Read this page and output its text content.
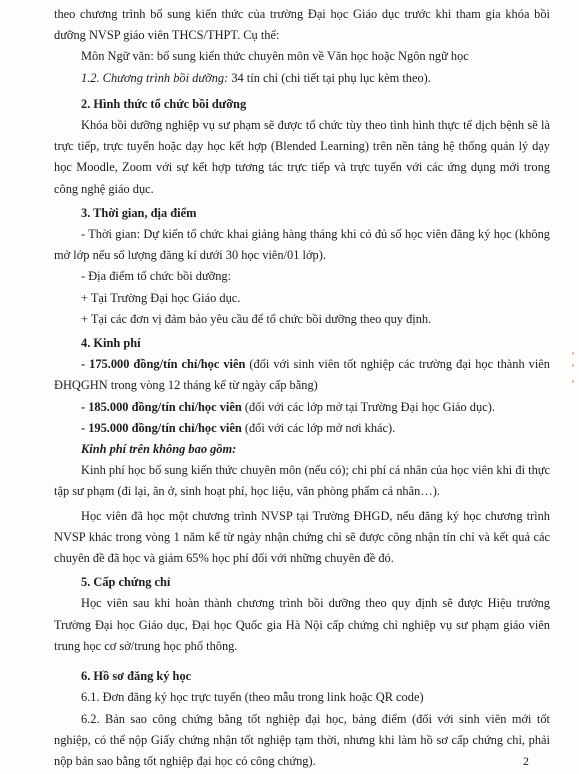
theo chương trình bổ sung kiến thức của trường Đại học Giáo dục trước khi tham gia khóa bồi dưỡng NVSP giáo viên THCS/THPT. Cụ thể:

Môn Ngữ văn: bổ sung kiến thức chuyên môn về Văn học hoặc Ngôn ngữ học

1.2. Chương trình bồi dưỡng: 34 tín chỉ (chi tiết tại phụ lục kèm theo).

2. Hình thức tổ chức bồi dưỡng

Khóa bồi dưỡng nghiệp vụ sư phạm sẽ được tổ chức tùy theo tình hình thực tế dịch bệnh sẽ là trực tiếp, trực tuyến hoặc dạy học kết hợp (Blended Learning) trên nền tảng hệ thống quản lý dạy học Moodle, Zoom với sự kết hợp tương tác trực tiếp và trực tuyến với các ứng dụng mới trong công nghệ giáo dục.

3. Thời gian, địa điểm

- Thời gian: Dự kiến tổ chức khai giảng hàng tháng khi có đủ số học viên đăng ký học (không mở lớp nếu số lượng đăng kí dưới 30 học viên/01 lớp).

- Địa điểm tổ chức bồi dưỡng:

+ Tại Trường Đại học Giáo dục.

+ Tại các đơn vị đảm bảo yêu cầu để tổ chức bồi dưỡng theo quy định.

4. Kinh phí

- 175.000 đồng/tín chỉ/học viên (đối với sinh viên tốt nghiệp các trường đại học thành viên ĐHQGHN trong vòng 12 tháng kể từ ngày cấp bằng)

- 185.000 đồng/tín chỉ/học viên (đối với các lớp mở tại Trường Đại học Giáo dục).

- 195.000 đồng/tín chỉ/học viên (đối với các lớp mở nơi khác).

Kinh phí trên không bao gồm:

Kinh phí học bổ sung kiến thức chuyên môn (nếu có); chi phí cá nhân của học viên khi đi thực tập sư phạm (đi lại, ăn ở, sinh hoạt phí, học liệu, văn phòng phẩm cá nhân…).

Học viên đã học một chương trình NVSP tại Trường ĐHGD, nếu đăng ký học chương trình NVSP khác trong vòng 1 năm kể từ ngày nhận chứng chỉ sẽ được công nhận tín chỉ và kết quả các chuyên đề đã học và giảm 65% học phí đối với những chuyên đề đó.

5. Cấp chứng chỉ

Học viên sau khi hoàn thành chương trình bồi dưỡng theo quy định sẽ được Hiệu trưởng Trường Đại học Giáo dục, Đại học Quốc gia Hà Nội cấp chứng chỉ nghiệp vụ sư phạm giáo viên trung học cơ sở/trung học phổ thông.

6. Hồ sơ đăng ký học

6.1. Đơn đăng ký học trực tuyến (theo mẫu trong link hoặc QR code)

6.2. Bản sao công chứng bằng tốt nghiệp đại học, bảng điểm (đối với sinh viên mới tốt nghiệp, có thể nộp Giấy chứng nhận tốt nghiệp tạm thời, nhưng khi làm hồ sơ cấp chứng chỉ, phải nộp bản sao bằng tốt nghiệp đại học có công chứng).	2
